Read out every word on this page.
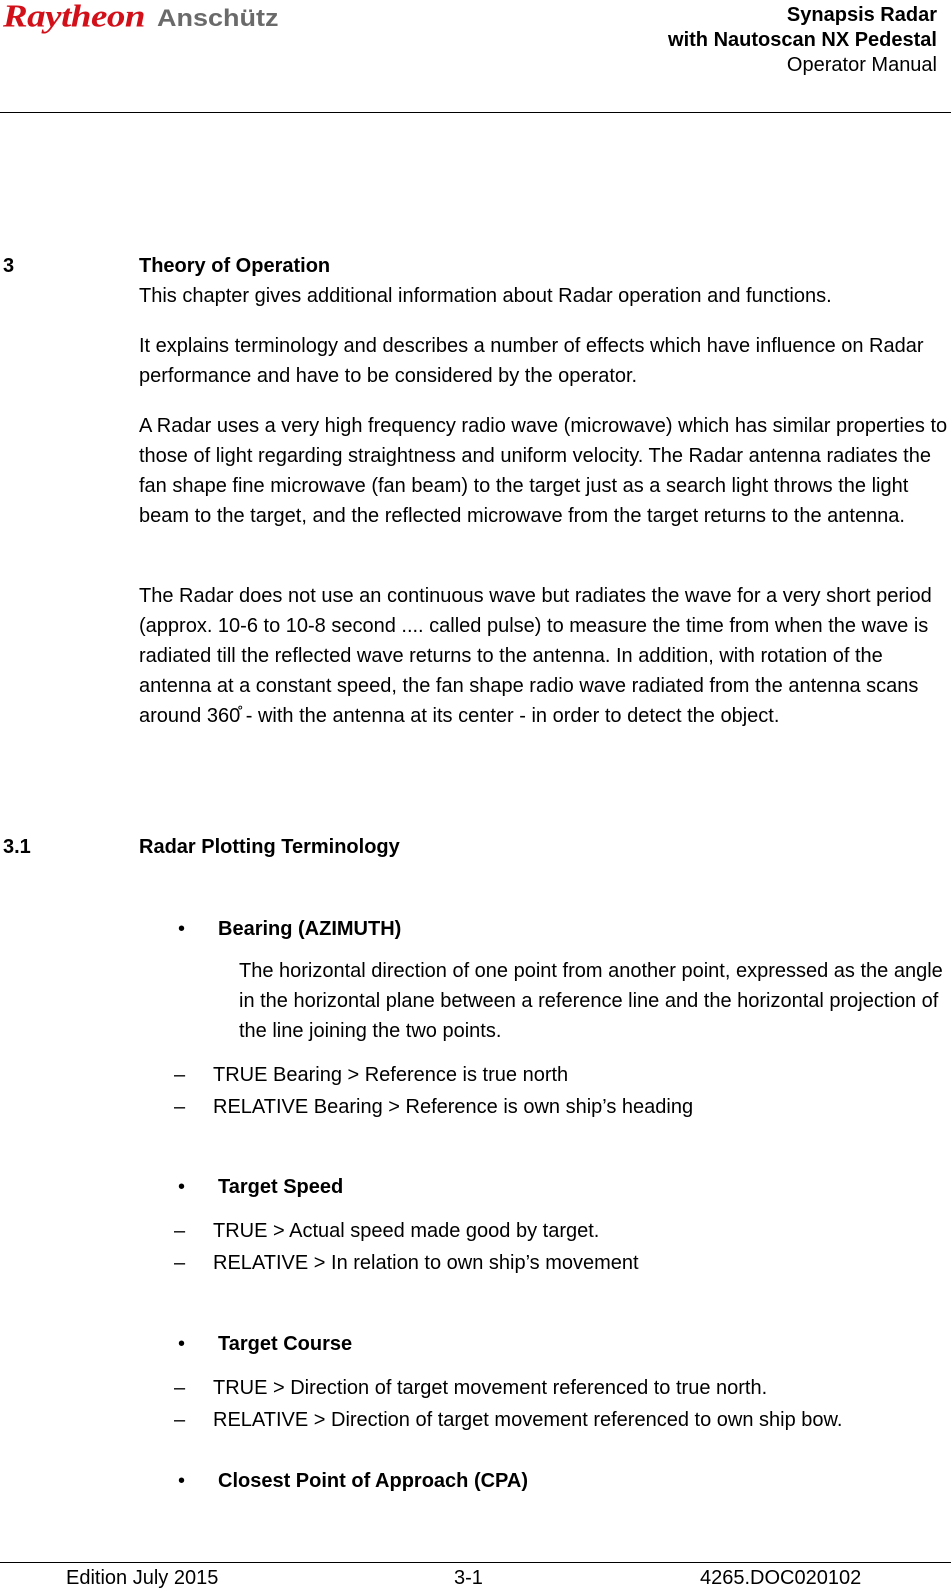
Raytheon Anschütz	Synapsis Radar
with Nautoscan NX Pedestal
Operator Manual
3	Theory of Operation
This chapter gives additional information about Radar operation and functions.
It explains terminology and describes a number of effects which have influence on Radar performance and have to be considered by the operator.
A Radar uses a very high frequency radio wave (microwave) which has similar properties to those of light regarding straightness and uniform velocity. The Radar antenna radiates the fan shape fine microwave (fan beam) to the target just as a search light throws the light beam to the target, and the reflected microwave from the target returns to the antenna.
The Radar does not use an continuous wave but radiates the wave for a very short period (approx. 10-6 to 10-8 second .... called pulse) to measure the time from when the wave is radiated till the reflected wave returns to the antenna. In addition, with rotation of the antenna at a constant speed, the fan shape radio wave radiated from the antenna scans around 360̊ - with the antenna at its center - in order to detect the object.
3.1	Radar Plotting Terminology
• Bearing (AZIMUTH)
The horizontal direction of one point from another point, expressed as the angle in the horizontal plane between a reference line and the horizontal projection of the line joining the two points.
– TRUE Bearing > Reference is true north
– RELATIVE Bearing > Reference is own ship’s heading
• Target Speed
– TRUE > Actual speed made good by target.
– RELATIVE > In relation to own ship’s movement
• Target Course
– TRUE > Direction of target movement referenced to true north.
– RELATIVE > Direction of target movement referenced to own ship bow.
• Closest Point of Approach (CPA)
Edition July 2015	3-1	4265.DOC020102
